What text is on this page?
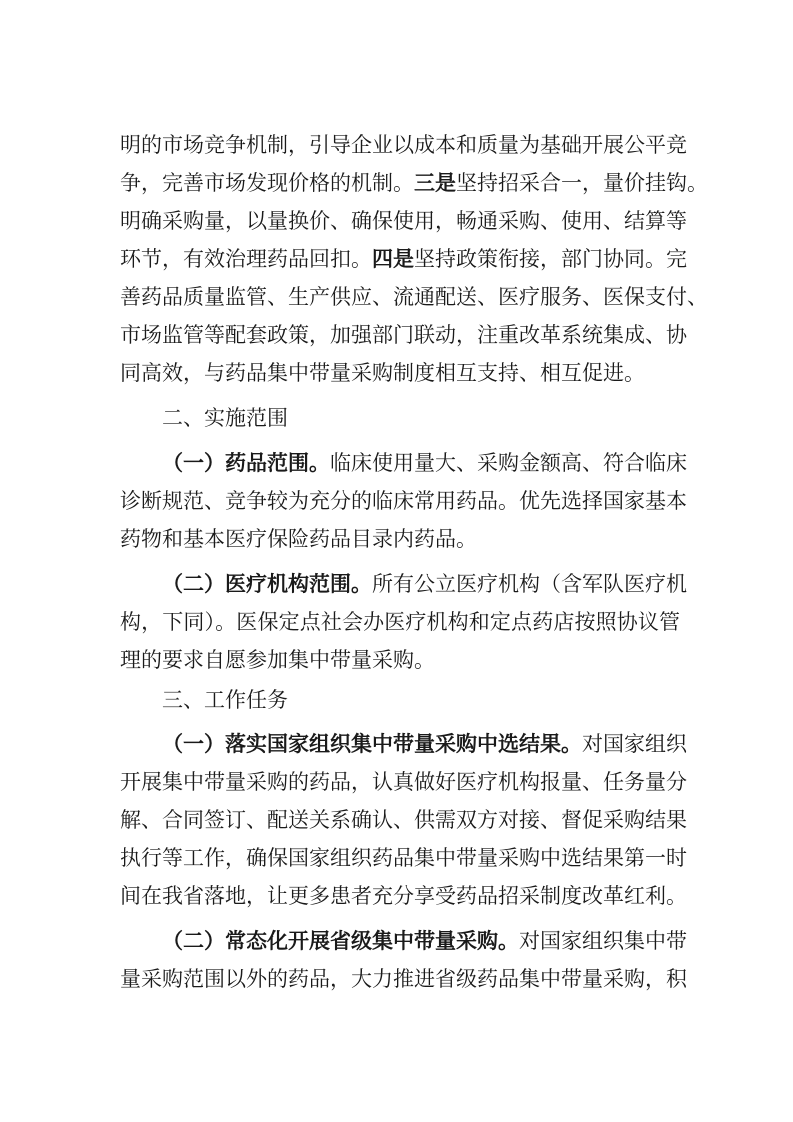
明的市场竞争机制，引导企业以成本和质量为基础开展公平竞
争，完善市场发现价格的机制。三是坚持招采合一，量价挂钩。
明确采购量，以量换价、确保使用，畅通采购、使用、结算等
环节，有效治理药品回扣。四是坚持政策衔接，部门协同。完
善药品质量监管、生产供应、流通配送、医疗服务、医保支付、
市场监管等配套政策，加强部门联动，注重改革系统集成、协
同高效，与药品集中带量采购制度相互支持、相互促进。
二、实施范围
（一）药品范围。临床使用量大、采购金额高、符合临床
诊断规范、竞争较为充分的临床常用药品。优先选择国家基本
药物和基本医疗保险药品目录内药品。
（二）医疗机构范围。所有公立医疗机构（含军队医疗机
构，下同）。医保定点社会办医疗机构和定点药店按照协议管
理的要求自愿参加集中带量采购。
三、工作任务
（一）落实国家组织集中带量采购中选结果。对国家组织
开展集中带量采购的药品，认真做好医疗机构报量、任务量分
解、合同签订、配送关系确认、供需双方对接、督促采购结果
执行等工作，确保国家组织药品集中带量采购中选结果第一时
间在我省落地，让更多患者充分享受药品招采制度改革红利。
（二）常态化开展省级集中带量采购。对国家组织集中带
量采购范围以外的药品，大力推进省级药品集中带量采购，积
